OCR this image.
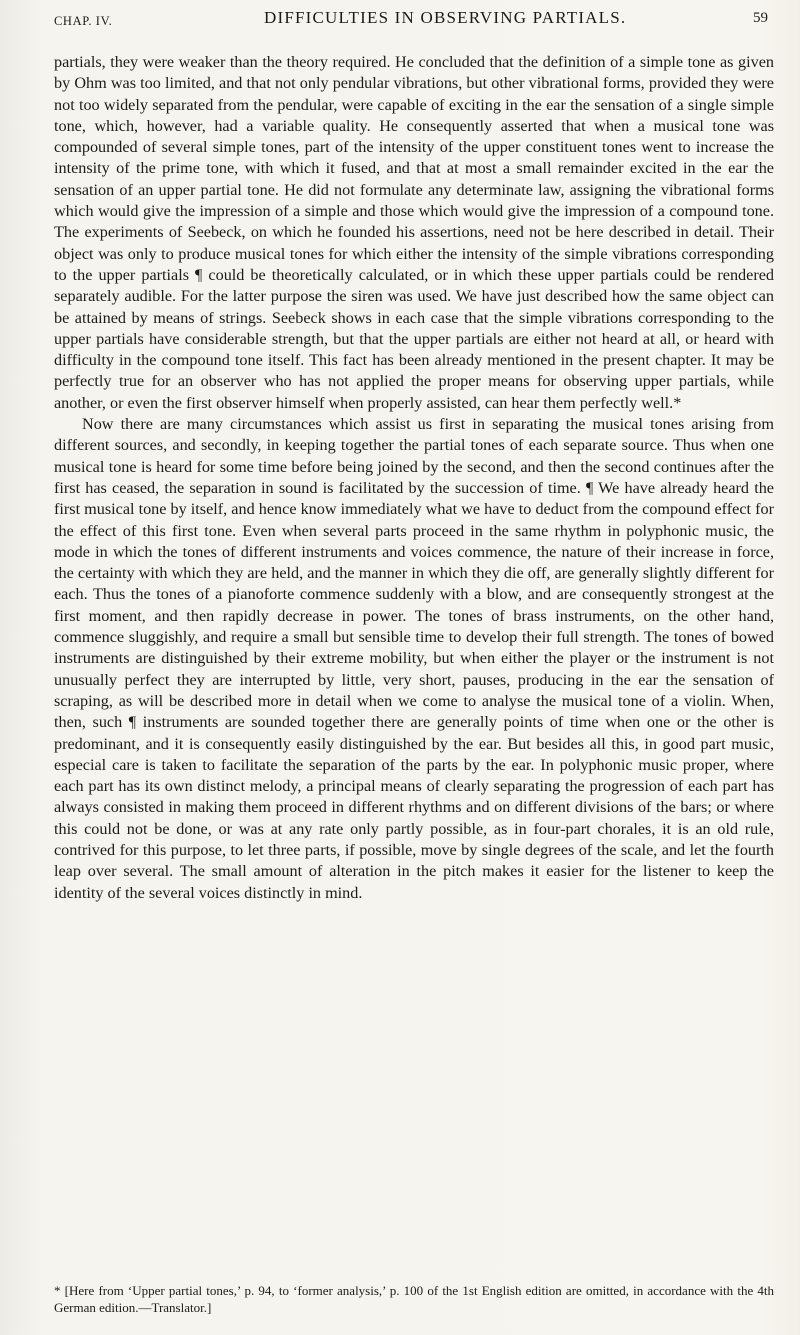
CHAP. IV.	DIFFICULTIES IN OBSERVING PARTIALS.	59

partials, they were weaker than the theory required. He concluded that the definition of a simple tone as given by Ohm was too limited, and that not only pendular vibrations, but other vibrational forms, provided they were not too widely separated from the pendular, were capable of exciting in the ear the sensation of a single simple tone, which, however, had a variable quality. He consequently asserted that when a musical tone was compounded of several simple tones, part of the intensity of the upper constituent tones went to increase the intensity of the prime tone, with which it fused, and that at most a small remainder excited in the ear the sensation of an upper partial tone. He did not formulate any determinate law, assigning the vibrational forms which would give the impression of a simple and those which would give the impression of a compound tone. The experiments of Seebeck, on which he founded his assertions, need not be here described in detail. Their object was only to produce musical tones for which either the intensity of the simple vibrations corresponding to the upper partials ¶ could be theoretically calculated, or in which these upper partials could be rendered separately audible. For the latter purpose the siren was used. We have just described how the same object can be attained by means of strings. Seebeck shows in each case that the simple vibrations corresponding to the upper partials have considerable strength, but that the upper partials are either not heard at all, or heard with difficulty in the compound tone itself. This fact has been already mentioned in the present chapter. It may be perfectly true for an observer who has not applied the proper means for observing upper partials, while another, or even the first observer himself when properly assisted, can hear them perfectly well.*

Now there are many circumstances which assist us first in separating the musical tones arising from different sources, and secondly, in keeping together the partial tones of each separate source. Thus when one musical tone is heard for some time before being joined by the second, and then the second continues after the first has ceased, the separation in sound is facilitated by the succession of time. ¶ We have already heard the first musical tone by itself, and hence know immediately what we have to deduct from the compound effect for the effect of this first tone. Even when several parts proceed in the same rhythm in polyphonic music, the mode in which the tones of different instruments and voices commence, the nature of their increase in force, the certainty with which they are held, and the manner in which they die off, are generally slightly different for each. Thus the tones of a pianoforte commence suddenly with a blow, and are consequently strongest at the first moment, and then rapidly decrease in power. The tones of brass instruments, on the other hand, commence sluggishly, and require a small but sensible time to develop their full strength. The tones of bowed instruments are distinguished by their extreme mobility, but when either the player or the instrument is not unusually perfect they are interrupted by little, very short, pauses, producing in the ear the sensation of scraping, as will be described more in detail when we come to analyse the musical tone of a violin. When, then, such ¶ instruments are sounded together there are generally points of time when one or the other is predominant, and it is consequently easily distinguished by the ear. But besides all this, in good part music, especial care is taken to facilitate the separation of the parts by the ear. In polyphonic music proper, where each part has its own distinct melody, a principal means of clearly separating the progression of each part has always consisted in making them proceed in different rhythms and on different divisions of the bars; or where this could not be done, or was at any rate only partly possible, as in four-part chorales, it is an old rule, contrived for this purpose, to let three parts, if possible, move by single degrees of the scale, and let the fourth leap over several. The small amount of alteration in the pitch makes it easier for the listener to keep the identity of the several voices distinctly in mind.

* [Here from ‘Upper partial tones,’ p. 94, to ‘former analysis,’ p. 100 of the 1st English edition are omitted, in accordance with the 4th German edition.—Translator.]
